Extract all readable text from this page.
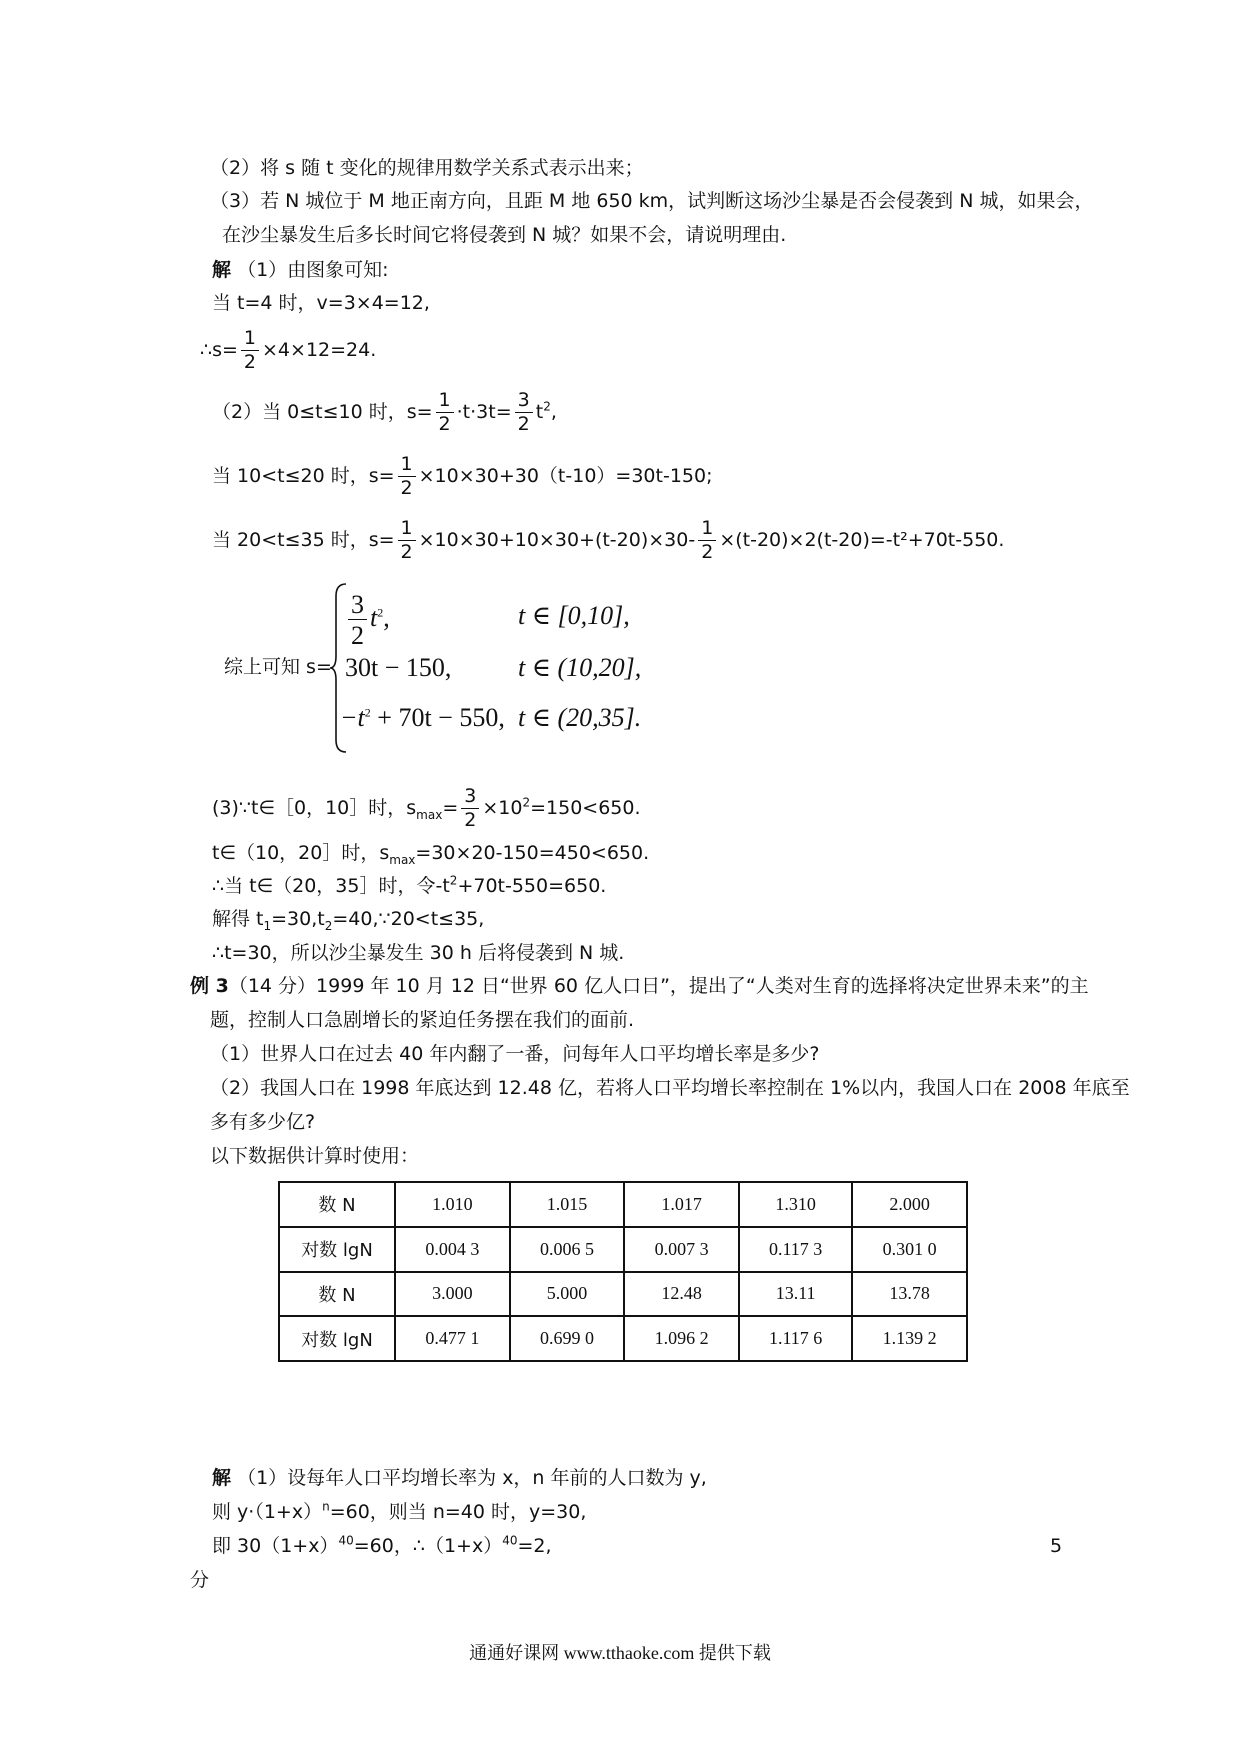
（2）将 s 随 t 变化的规律用数学关系式表示出来；
（3）若 N 城位于 M 地正南方向，且距 M 地 650 km，试判断这场沙尘暴是否会侵袭到 N 城，如果会，
在沙尘暴发生后多长时间它将侵袭到 N 城？如果不会，请说明理由.
解 （1）由图象可知:
当 t=4 时，v=3×4=12,
∴s= $\frac{1}{2} \times 4\times 12=24$.
（2）当 0≤t≤10 时，$s= \frac{1}{2} \cdot t\cdot 3t= \frac{3}{2} t^2$,
当 10<t≤20 时，$s= \frac{1}{2} \times 10\times 30+30(t-10)=30t-150$;
当 20<t≤35 时，$s= \frac{1}{2} \times 10\times 30+10\times 30+(t-20)\times 30- \frac{1}{2} \times(t-20)\times 2(t-20)=-t^2+70t-550$.
综上可知 s=
$\frac{3}{2} t^2$,	t ∈ [0,10],
30t − 150,	t ∈ (10,20],
$-t^2 + 70t - 550$, t ∈ (20,35].
(3)∵t∈［0，10］时，$s_{max}= \frac{3}{2} \times 10^2=150<650$.
t∈（10，20］时，$s_{max}=30\times 20-150=450<650$.
∴当 t∈（20，35］时，令$-t^2+70t-550=650$.
解得 $t_1=30,t_2=40,\because 20<t\le 35$,
∴t=30，所以沙尘暴发生 30 h 后将侵袭到 N 城.
例 3（14 分）1999 年 10 月 12 日“世界 60 亿人口日”，提出了“人类对生育的选择将决定世界未来”的主
题，控制人口急剧增长的紧迫任务摆在我们的面前.
（1）世界人口在过去 40 年内翻了一番，问每年人口平均增长率是多少?
（2）我国人口在 1998 年底达到 12.48 亿，若将人口平均增长率控制在 1%以内，我国人口在 2008 年底至
多有多少亿?
以下数据供计算时使用：
数 N	1.010	1.015	1.017	1.310	2.000
对数 lgN	0.004 3	0.006 5	0.007 3	0.117 3	0.301 0
数 N	3.000	5.000	12.48	13.11	13.78
对数 lgN	0.477 1	0.699 0	1.096 2	1.117 6	1.139 2
解 （1）设每年人口平均增长率为 x，n 年前的人口数为 y,
则 $y\cdot(1+x)^n=60$，则当 n=40 时，y=30,
即 $30(1+x)^{40}=60$，$\therefore(1+x)^{40}=2$,	5
分
通通好课网 www.tthaoke.com 提供下载
